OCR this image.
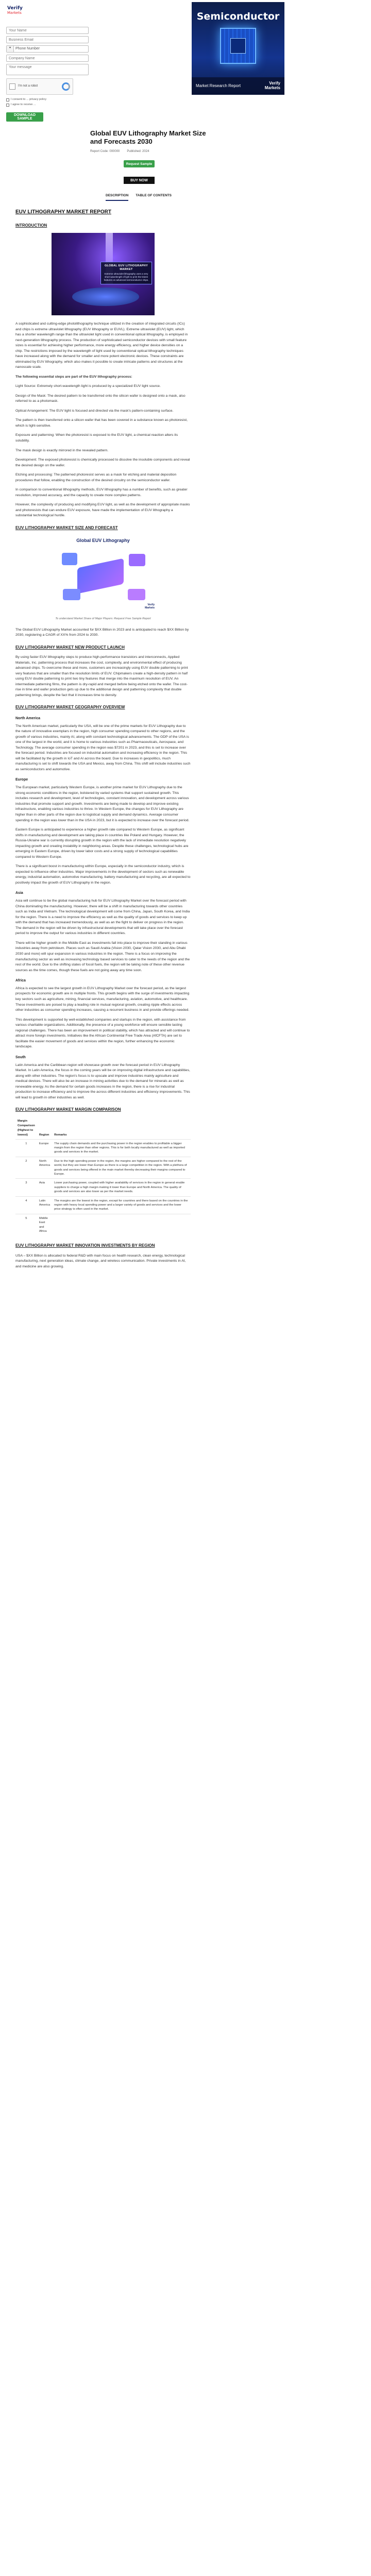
Verify
Markets
Your Name
Business Email
▾	Phone Number
Company Name
Your message
I'm not a robot
I consent to ... privacy policy
I agree to receive ...
DOWNLOAD SAMPLE
Semiconductor
Market Research Report
Verify
Markets
Global EUV Lithography Market Size and Forecasts 2030
Report Code: 000000 Published: 2024
Request Sample
BUY NOW
DESCRIPTION TABLE OF CONTENTS
EUV LITHOGRAPHY MARKET REPORT
INTRODUCTION
GLOBAL EUV LITHOGRAPHY MARKET
Extreme ultraviolet lithography uses a very short wavelength of light to print the tiniest features on advanced semiconductor chips.

A sophisticated and cutting-edge photolithography technique utilized in the creation of integrated circuits (ICs) and chips is extreme ultraviolet lithography (EUV lithography or EUVL). Extreme ultraviolet (EUV) light, which has a shorter wavelength range than the ultraviolet light used in conventional optical lithography, is employed in next-generation lithography process. The production of sophisticated semiconductor devices with small feature sizes is essential for achieving higher performance, more energy efficiency, and higher device densities on a chip. The restrictions imposed by the wavelength of light used by conventional optical lithography techniques have increased along with the demand for smaller and more potent electronic devices. These constraints are eliminated by EUV lithography, which also makes it possible to create intricate patterns and structures at the nanoscale scale.

The following essential steps are part of the EUV lithography process:

Light Source: Extremely short-wavelength light is produced by a specialized EUV light source.

Design of the Mask: The desired pattern to be transferred onto the silicon wafer is designed onto a mask, also referred to as a photomask.

Optical Arrangement: The EUV light is focused and directed via the mask's pattern-containing surface.

The pattern is then transferred onto a silicon wafer that has been covered in a substance known as photoresist, which is light-sensitive.

Exposure and patterning: When the photoresist is exposed to the EUV light, a chemical reaction alters its solubility.

The mask design is exactly mirrored in the revealed pattern.

Development: The exposed photoresist is chemically processed to dissolve the insoluble components and reveal the desired design on the wafer.

Etching and processing: The patterned photoresist serves as a mask for etching and material deposition procedures that follow, enabling the construction of the desired circuitry on the semiconductor wafer.

In comparison to conventional lithography methods, EUV lithography has a number of benefits, such as greater resolution, improved accuracy, and the capacity to create more complex patterns.

However, the complexity of producing and modifying EUV light, as well as the development of appropriate masks and photoresists that can endure EUV exposure, have made the implementation of EUV lithography a substantial technological hurdle.

EUV LITHOGRAPHY MARKET SIZE AND FORECAST
Global EUV Lithography
Verify
Markets
To understand Market Share of Major Players: Request Free Sample Report

The Global EUV Lithography Market accounted for $XX Billion in 2023 and is anticipated to reach $XX Billion by 2030, registering a CAGR of XX% from 2024 to 2030.

EUV LITHOGRAPHY MARKET NEW PRODUCT LAUNCH

By using faster EUV lithography steps to produce high-performance transistors and interconnects, Applied Materials, Inc. patterning process that increases the cost, complexity, and environmental effect of producing advanced chips. To overcome these and more, customers are increasingly using EUV double patterning to print very features that are smaller than the resolution limits of EUV. Chipmakers create a high-density pattern in half using EUV double patterning to print two tiny features that merge into the maximum resolution of EUV. An intermediate patterning films, the pattern is dry-rapid and merged before being etched onto the wafer. The cost-rise in time and wafer production gets up due to the additional design and patterning complexity that double patterning brings, despite the fact that it increases time to density.

EUV LITHOGRAPHY MARKET GEOGRAPHY OVERVIEW
North America

The North American market, particularly the USA, will be one of the prime markets for EUV Lithography due to the nature of innovative exemplars in the region, high consumer spending compared to other regions, and the growth of various industries, mainly AI, along with constant technological advancements. The GDP of the USA is one of the largest in the world, and it is home to various industries such as Pharmaceuticals, Aerospace, and Technology. The average consumer spending in the region was $7201 in 2023, and this is set to increase over the forecast period. Industries are focused on industrial automation and increasing efficiency in the region. This will be facilitated by the growth in IoT and AI across the board. Due to increases in geopolitics, much manufacturing is set to shift towards the USA and Mexico, away from China. This shift will include industries such as semiconductors and automotive.

Europe

The European market, particularly Western Europe, is another prime market for EUV Lithography due to the strong economic conditions in the region, bolstered by varied systems that support sustained growth. This includes research and development, level of technologies, constant innovation, and development across various industries that promote support and growth. Investments are being made to develop and improve existing infrastructure, enabling various industries to thrive. In Western Europe, the changes for EUV Lithography are higher than in other parts of the region due to logistical supply and demand dynamics. Average consumer spending in the region was lower than in the USA in 2023, but it is expected to increase over the forecast period.

Eastern Europe is anticipated to experience a higher growth rate compared to Western Europe, as significant shifts in manufacturing and development are taking place in countries like Poland and Hungary. However, the Russia-Ukraine war is currently disrupting growth in the region with the lack of immediate resolution negatively impacting growth and creating instability in neighboring areas. Despite these challenges, technological hubs are emerging in Eastern Europe, driven by lower labor costs and a strong supply of technological capabilities compared to Western Europe.

There is a significant boost in manufacturing within Europe, especially in the semiconductor industry, which is expected to influence other industries. Major improvements in the development of sectors such as renewable energy, industrial automation, automotive manufacturing, battery manufacturing and recycling, are all expected to positively impact the growth of EUV Lithography in the region.

Asia

Asia will continue to be the global manufacturing hub for EUV Lithography Market over the forecast period with China dominating the manufacturing. However, there will be a shift in manufacturing towards other countries such as India and Vietnam. The technological development will come from China, Japan, South Korea, and India for the region. There is a need to improve the efficiency as well as the quality of goods and services to keep up with the demand that has increased tremendously, as well as an the fight to deliver on progress in the region. The demand in the region will be driven by infrastructural developments that will take place over the forecast period to improve the output for various industries in different countries.

There will be higher growth in the Middle East as investments fall into place to improve their standing in various industries away from petroleum. Places such as Saudi Arabia (Vision 2030, Qatar Vision 2030, and Abu Dhabi 2030 and more) will spur expansion in various industries in the region. There is a focus on improving the manufacturing sector as well as increasing technology based services to cater to the needs of the region and the rest of the world. Due to the shifting states of fossil fuels, the region will be taking note of these other revenue sources as the time comes, though these fuels are not going away any time soon.

Africa

Africa is expected to see the largest growth in EUV Lithography Market over the forecast period, as the largest prospects for economic growth are in multiple fronts. This growth begins with the surge of investments impacting key sectors such as agriculture, mining, financial services, manufacturing, aviation, automotive, and healthcare. These investments are poised to play a leading role in mutual regional growth, creating ripple effects across other industries as consumer spending increases, causing a recurrent business in and provide offerings needed.

This development is supported by well-established companies and startups in the region, with assistance from various charitable organizations. Additionally, the presence of a young workforce will ensure sensible lasting regional challenges. There has been an improvement in political stability, which has attracted and will continue to attract more foreign investments. Initiatives like the African Continental Free Trade Area (AfCFTA) are set to facilitate the easier movement of goods and services within the region, further enhancing the economic landscape.

South

Latin America and the Caribbean region will showcase growth over the forecast period in EUV Lithography Market. In Latin America, the focus in the coming years will be on improving digital infrastructure and capabilities, along with other industries. The region's focus is to upscale and improve industries mainly agriculture and medical devices. There will also be an increase in mining activities due to the demand for minerals as well as renewable energy. As the demand for certain goods increases in the region, there is a rise for industrial production to increase efficiency and to improve the across different industries and efficiency improvements. This will lead to growth in other industries as well.

EUV LITHOGRAPHY MARKET MARGIN COMPARISON
Margin Comparison (Highest to lowest)	Region	Remarks
1	Europe	The supply chain demands and the purchasing power in the region enables to profitable a bigger margin from the region than other regions. This is for both locally manufactured as well as imported goods and services in the market.
2	North America	Due to the high spending power in the region, the margins are higher compared to the rest of the world, but they are lower than Europe as there is a large competition in the region. With a plethora of goods and services being offered in the main market thereby decreasing their margins compared to Europe.
3	Asia	Lower purchasing power, coupled with higher availability of services in the region in general enable suppliers to charge a high margin making it lower than Europe and North America. The quality of goods and services are also lower as per the market needs.
4	Latin America	The margins are the lowest in the region, except for countries and there based on the countries in the region with heavy local spending power and a larger variety of goods and services and the lower price strategy is often used in the market.
5	Middle East and Africa	
EUV LITHOGRAPHY MARKET INNOVATION INVESTMENTS BY REGION

USA – $XX Billion is allocated to federal R&D with main focus on health research, clean energy, technological manufacturing, next generation ideas, climate change, and wireless communication. Private investments in AI, and medicine are also growing.
